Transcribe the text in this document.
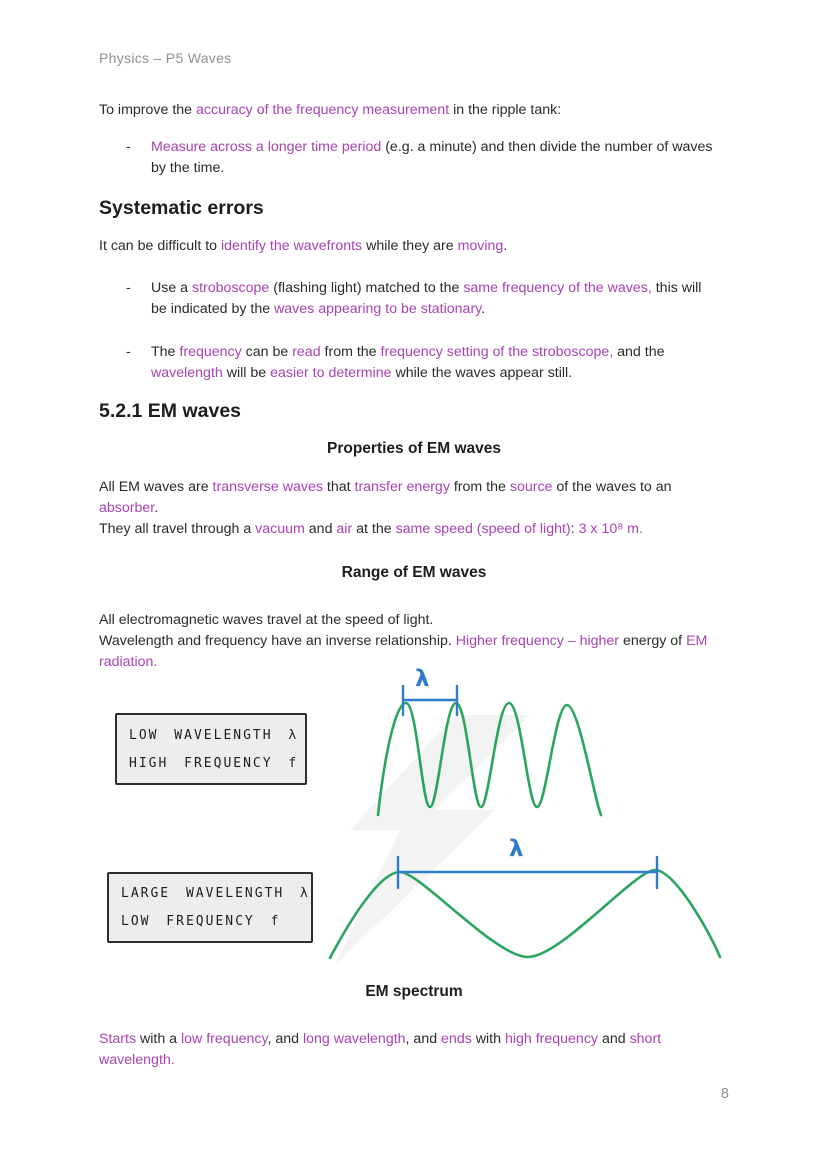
Physics – P5 Waves

To improve the accuracy of the frequency measurement in the ripple tank:

-	Measure across a longer time period (e.g. a minute) and then divide the number of waves by the time.

Systematic errors

It can be difficult to identify the wavefronts while they are moving.

-	Use a stroboscope (flashing light) matched to the same frequency of the waves, this will be indicated by the waves appearing to be stationary.

-	The frequency can be read from the frequency setting of the stroboscope, and the wavelength will be easier to determine while the waves appear still.

5.2.1 EM waves
Properties of EM waves

All EM waves are transverse waves that transfer energy from the source of the waves to an absorber.

They all travel through a vacuum and air at the same speed (speed of light): 3 x 10⁸ m.

Range of EM waves

All electromagnetic waves travel at the speed of light.

Wavelength and frequency have an inverse relationship. Higher frequency – higher energy of EM radiation.

LOW WAVELENGTH λ
HIGH FREQUENCY f
λ
LARGE WAVELENGTH λ
LOW FREQUENCY f
λ
EM spectrum

Starts with a low frequency, and long wavelength, and ends with high frequency and short wavelength.

8
